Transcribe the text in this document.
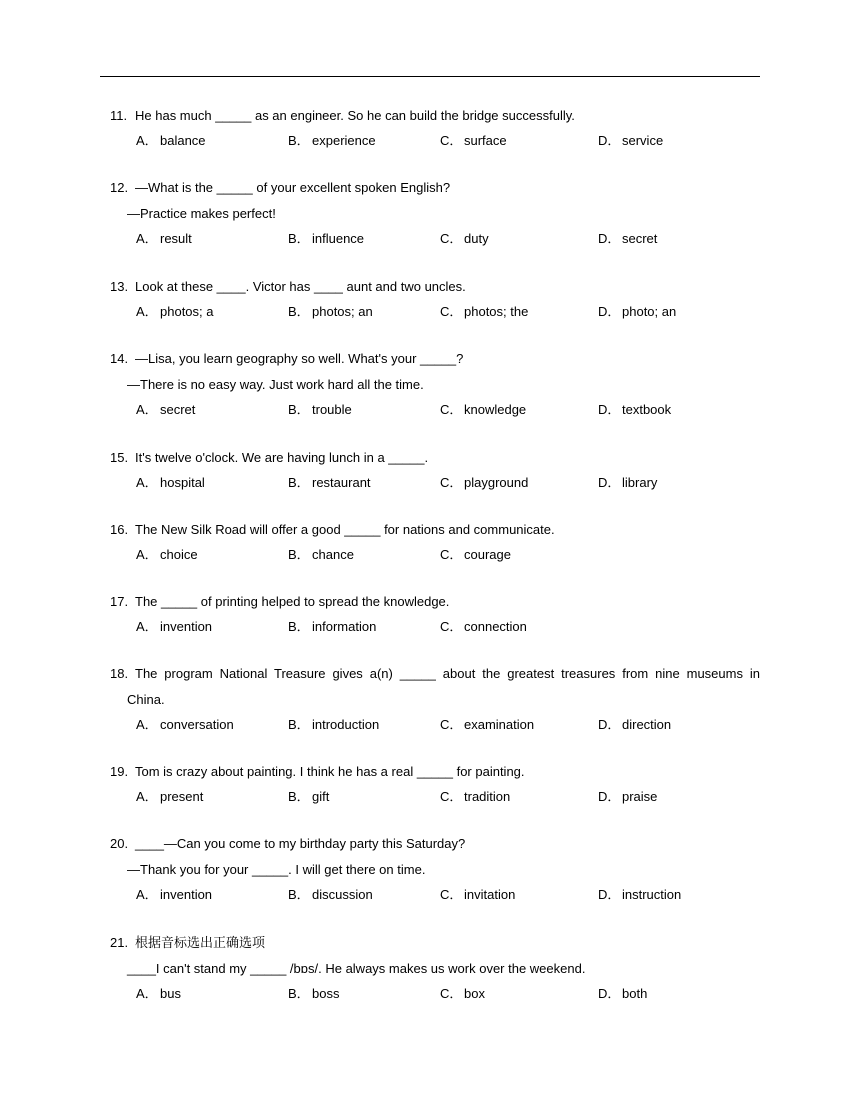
11. He has much _____ as an engineer. So he can build the bridge successfully.
A． balance	B． experience	C． surface	D． service
12. —What is the _____ of your excellent spoken English?
—Practice makes perfect!
A． result	B． influence	C． duty	D． secret
13. Look at these ____. Victor has ____ aunt and two uncles.
A． photos; a	B． photos; an	C． photos; the	D． photo; an
14. —Lisa, you learn geography so well. What's your _____?
—There is no easy way. Just work hard all the time.
A． secret	B． trouble	C． knowledge	D． textbook
15. It's twelve o'clock. We are having lunch in a _____.
A． hospital	B． restaurant	C． playground	D． library
16. The New Silk Road will offer a good _____ for nations and communicate.
A． choice	B． chance	C． courage
17. The _____ of printing helped to spread the knowledge.
A． invention	B． information	C． connection
18. The program National Treasure gives a(n) _____ about the greatest treasures from nine museums in
China.
A． conversation	B． introduction	C． examination	D． direction
19. Tom is crazy about painting. I think he has a real _____ for painting.
A． present	B． gift	C． tradition	D． praise
20. ____—Can you come to my birthday party this Saturday?
—Thank you for your _____. I will get there on time.
A． invention	B． discussion	C． invitation	D． instruction
21. 根据音标选出正确选项
____I can't stand my _____ /bɒs/. He always makes us work over the weekend.
A． bus	B． boss	C． box	D． both
